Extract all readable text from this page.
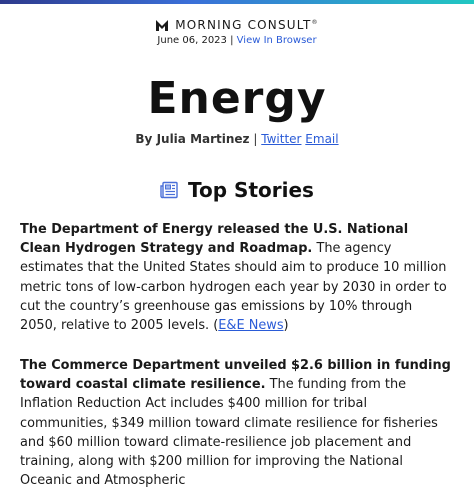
MORNING CONSULT®
June 06, 2023 | View In Browser
Energy
By Julia Martinez | Twitter Email
Top Stories
The Department of Energy released the U.S. National Clean Hydrogen Strategy and Roadmap. The agency estimates that the United States should aim to produce 10 million metric tons of low-carbon hydrogen each year by 2030 in order to cut the country’s greenhouse gas emissions by 10% through 2050, relative to 2005 levels. (E&E News)
The Commerce Department unveiled $2.6 billion in funding toward coastal climate resilience. The funding from the Inflation Reduction Act includes $400 million for tribal communities, $349 million toward climate resilience for fisheries and $60 million toward climate-resilience job placement and training, along with $200 million for improving the National Oceanic and Atmospheric
